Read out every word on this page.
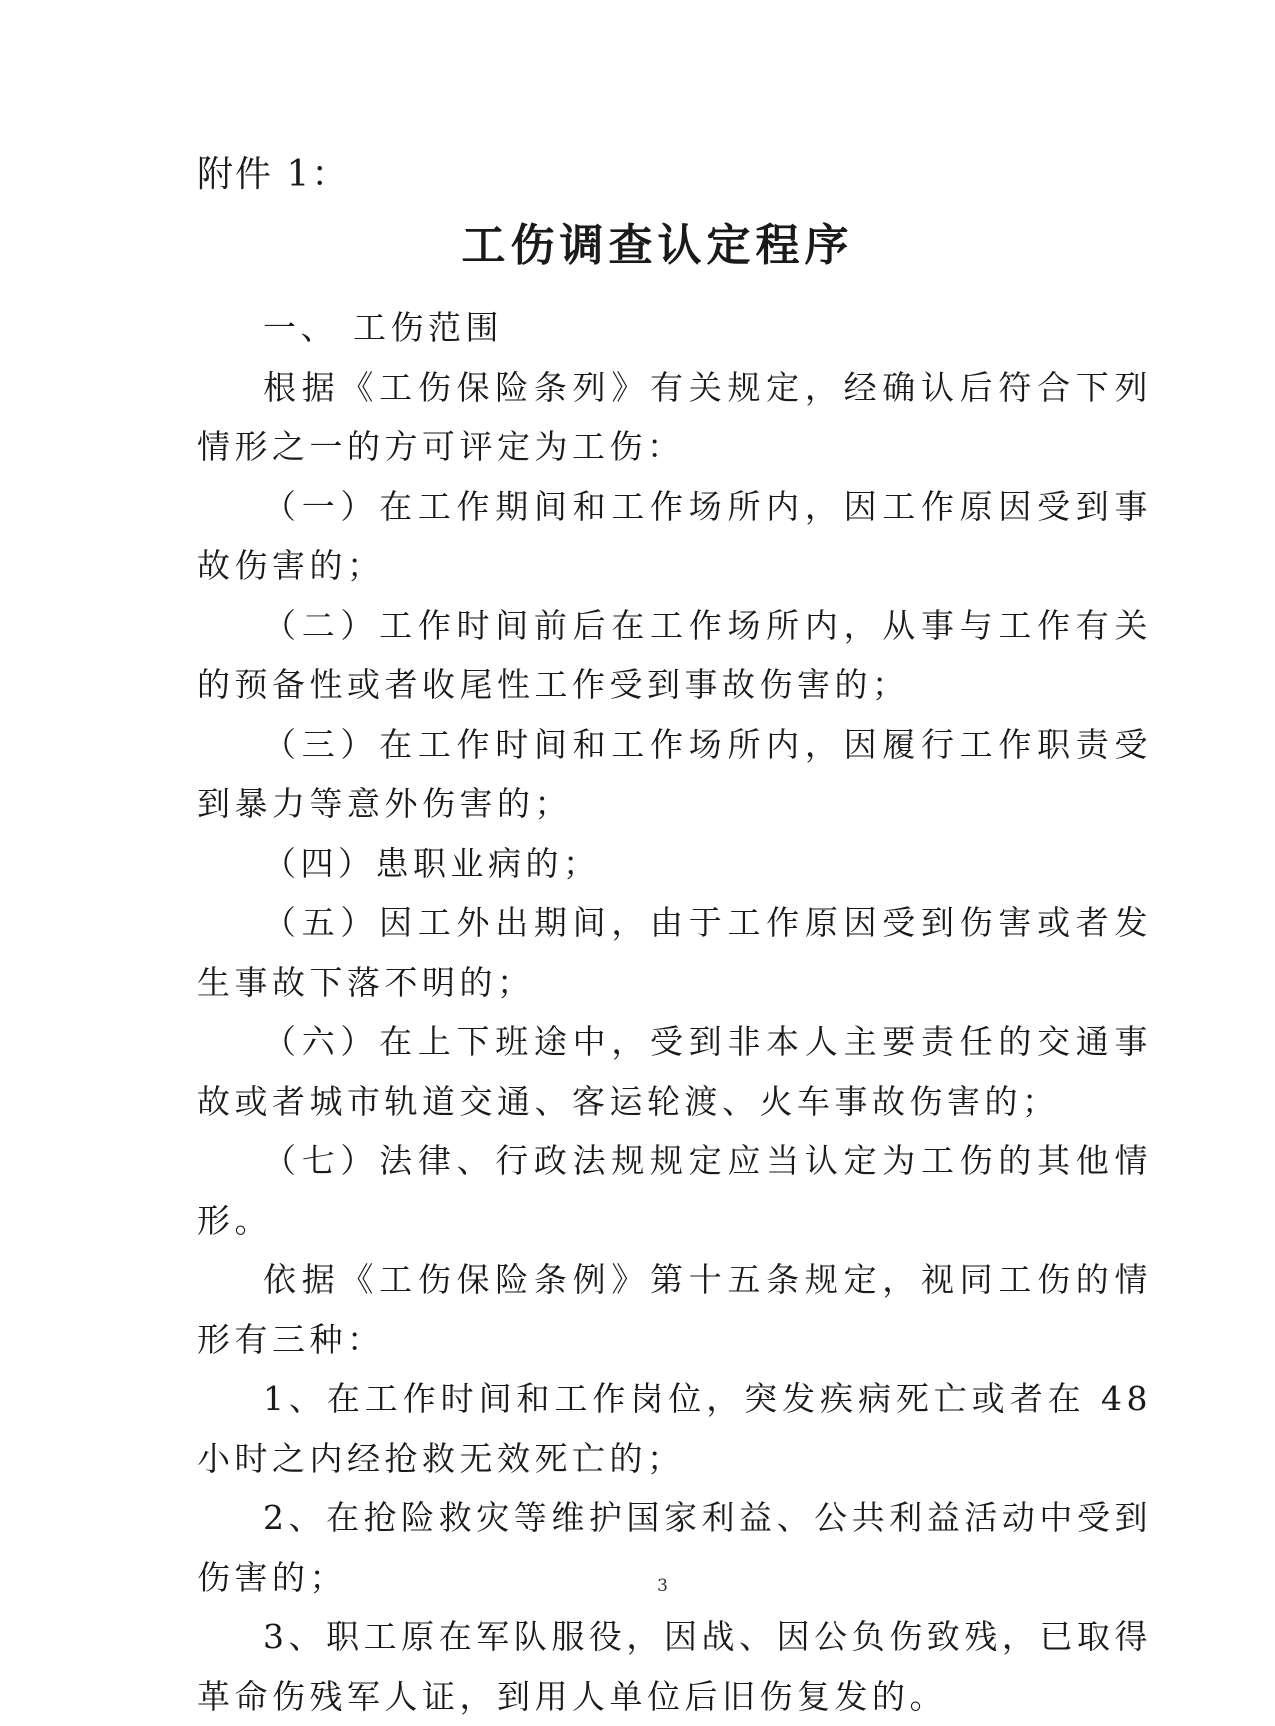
附件 1：
工伤调查认定程序

一、 工伤范围

根据《工伤保险条列》有关规定，经确认后符合下列情形之一的方可评定为工伤：

（一）在工作期间和工作场所内，因工作原因受到事故伤害的；

（二）工作时间前后在工作场所内，从事与工作有关的预备性或者收尾性工作受到事故伤害的；

（三）在工作时间和工作场所内，因履行工作职责受到暴力等意外伤害的；

（四）患职业病的；

（五）因工外出期间，由于工作原因受到伤害或者发生事故下落不明的；

（六）在上下班途中，受到非本人主要责任的交通事故或者城市轨道交通、客运轮渡、火车事故伤害的；

（七）法律、行政法规规定应当认定为工伤的其他情形。

依据《工伤保险条例》第十五条规定，视同工伤的情形有三种：

1、在工作时间和工作岗位，突发疾病死亡或者在 48 小时之内经抢救无效死亡的；

2、在抢险救灾等维护国家利益、公共利益活动中受到伤害的；

3、职工原在军队服役，因战、因公负伤致残，已取得革命伤残军人证，到用人单位后旧伤复发的。

3
